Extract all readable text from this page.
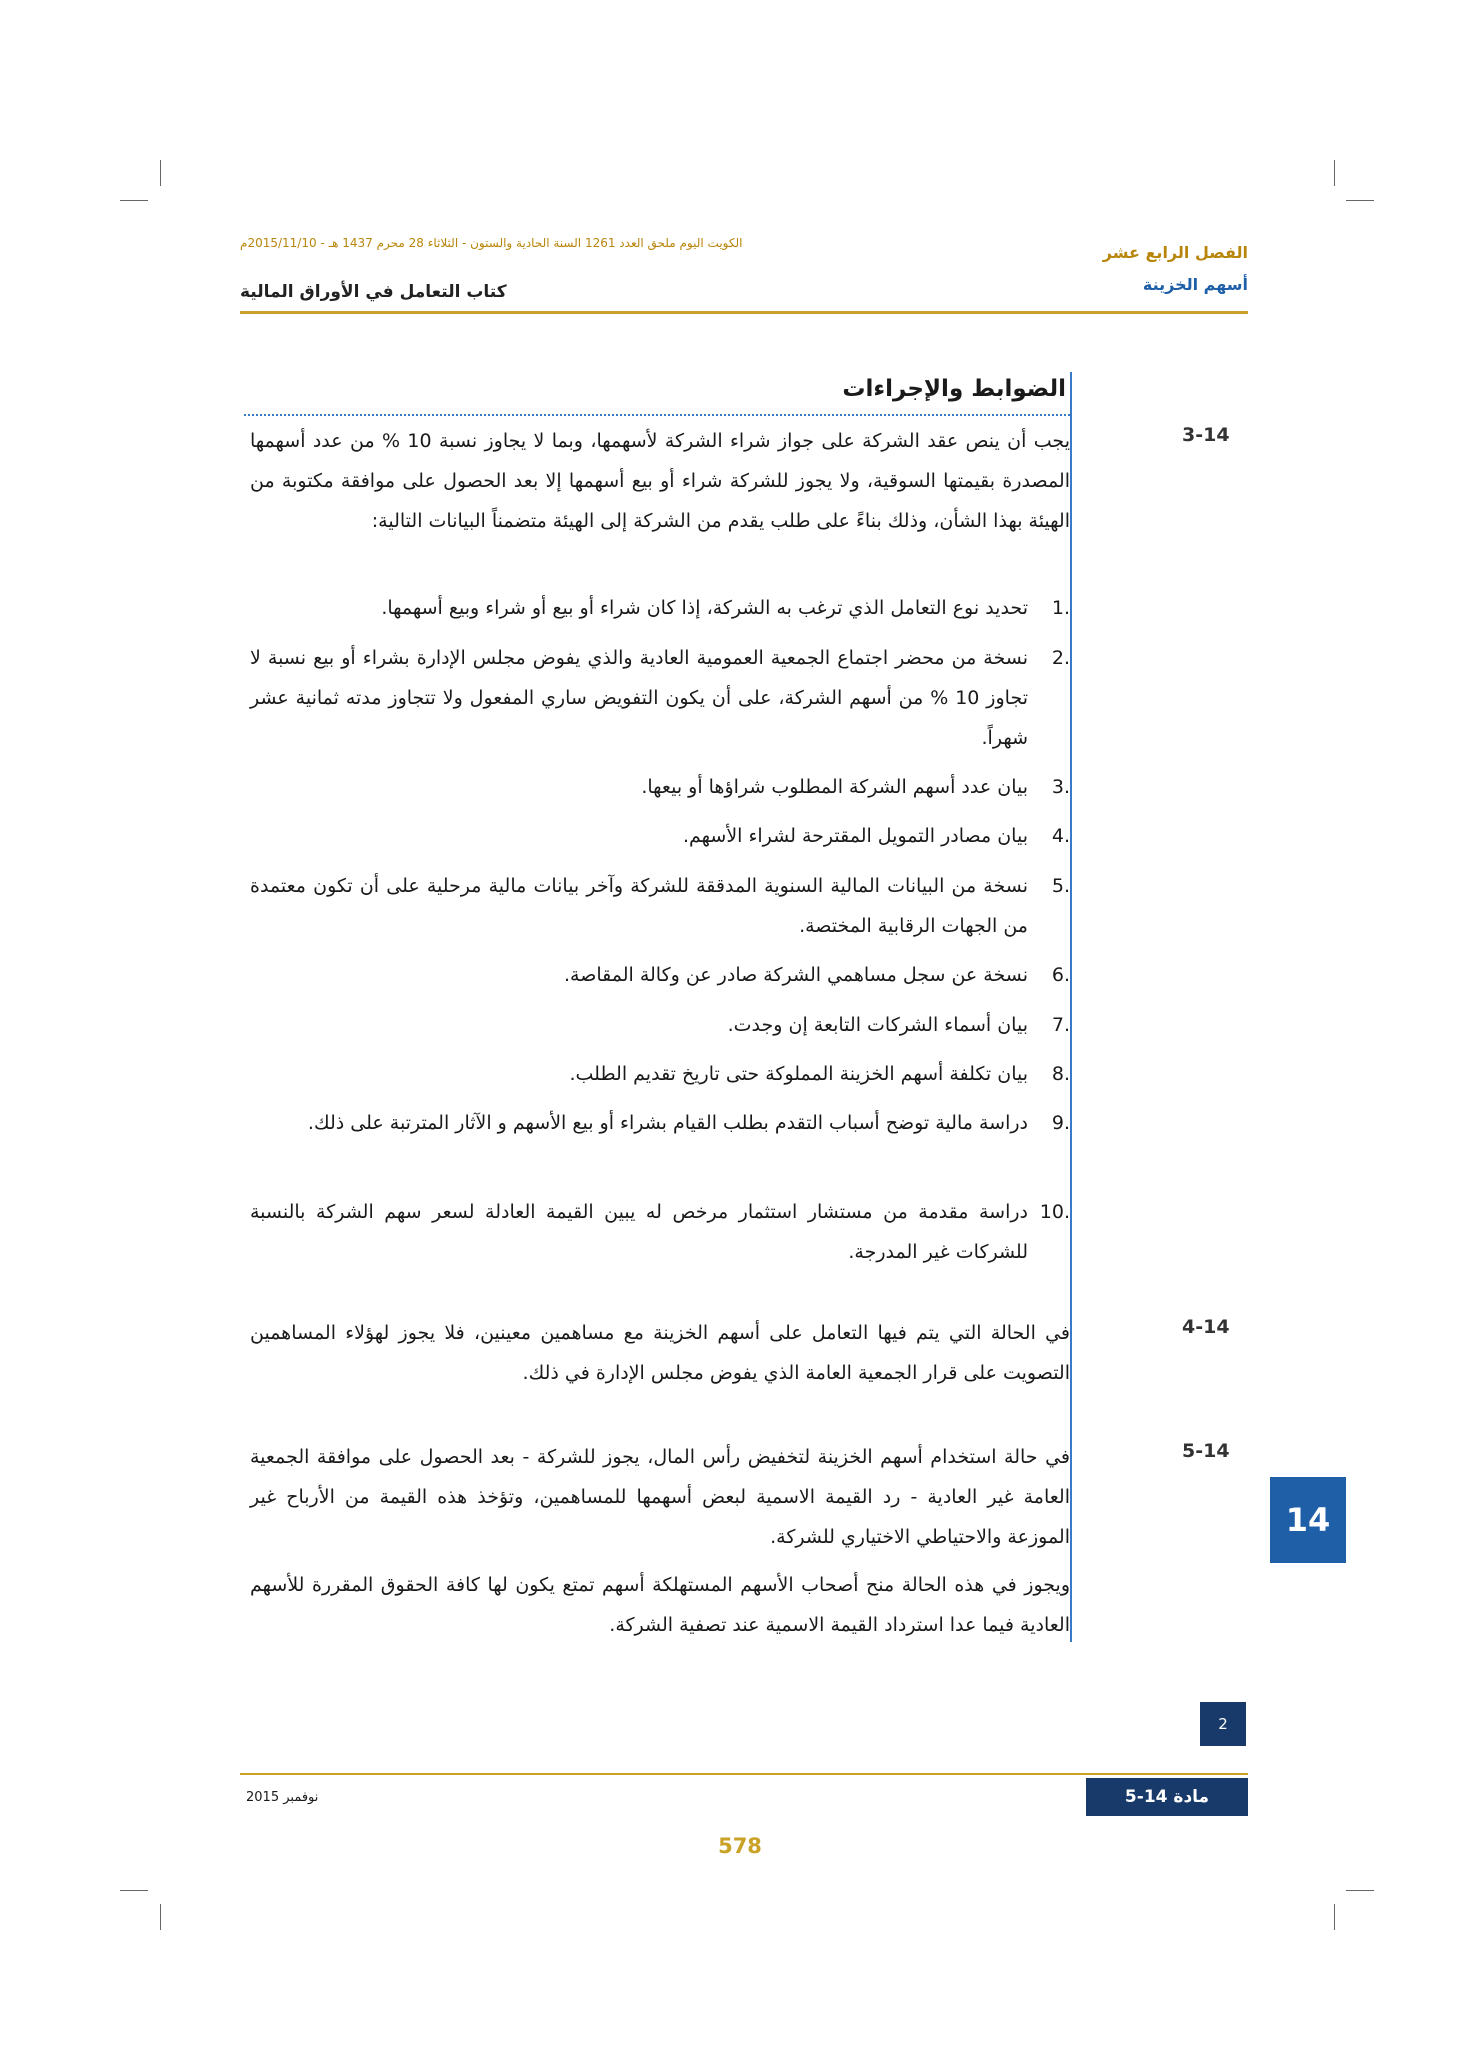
الفصل الرابع عشر
أسهم الخزينة
الكويت اليوم ملحق العدد 1261 السنة الحادية والستون - الثلاثاء 28 محرم 1437 هـ - 2015/11/10م
كتاب التعامل في الأوراق المالية
الضوابط والإجراءات
3-14
يجب أن ينص عقد الشركة على جواز شراء الشركة لأسهمها، وبما لا يجاوز نسبة 10 % من عدد أسهمها المصدرة بقيمتها السوقية، ولا يجوز للشركة شراء أو بيع أسهمها إلا بعد الحصول على موافقة مكتوبة من الهيئة بهذا الشأن، وذلك بناءً على طلب يقدم من الشركة إلى الهيئة متضمناً البيانات التالية:
1.
تحديد نوع التعامل الذي ترغب به الشركة، إذا كان شراء أو بيع أو شراء وبيع أسهمها.
2.
نسخة من محضر اجتماع الجمعية العمومية العادية والذي يفوض مجلس الإدارة بشراء أو بيع نسبة لا تجاوز 10 % من أسهم الشركة، على أن يكون التفويض ساري المفعول ولا تتجاوز مدته ثمانية عشر شهراً.
3.
بيان عدد أسهم الشركة المطلوب شراؤها أو بيعها.
4.
بيان مصادر التمويل المقترحة لشراء الأسهم.
5.
نسخة من البيانات المالية السنوية المدققة للشركة وآخر بيانات مالية مرحلية على أن تكون معتمدة من الجهات الرقابية المختصة.
6.
نسخة عن سجل مساهمي الشركة صادر عن وكالة المقاصة.
7.
بيان أسماء الشركات التابعة إن وجدت.
8.
بيان تكلفة أسهم الخزينة المملوكة حتى تاريخ تقديم الطلب.
9.
دراسة مالية توضح أسباب التقدم بطلب القيام بشراء أو بيع الأسهم و الآثار المترتبة على ذلك.
10.
دراسة مقدمة من مستشار استثمار مرخص له يبين القيمة العادلة لسعر سهم الشركة بالنسبة للشركات غير المدرجة.
4-14
في الحالة التي يتم فيها التعامل على أسهم الخزينة مع مساهمين معينين، فلا يجوز لهؤلاء المساهمين التصويت على قرار الجمعية العامة الذي يفوض مجلس الإدارة في ذلك.
5-14
في حالة استخدام أسهم الخزينة لتخفيض رأس المال، يجوز للشركة - بعد الحصول على موافقة الجمعية العامة غير العادية - رد القيمة الاسمية لبعض أسهمها للمساهمين، وتؤخذ هذه القيمة من الأرباح غير الموزعة والاحتياطي الاختياري للشركة.
ويجوز في هذه الحالة منح أصحاب الأسهم المستهلكة أسهم تمتع يكون لها كافة الحقوق المقررة للأسهم العادية فيما عدا استرداد القيمة الاسمية عند تصفية الشركة.
14
2
مادة 14-5
نوفمبر 2015
578
